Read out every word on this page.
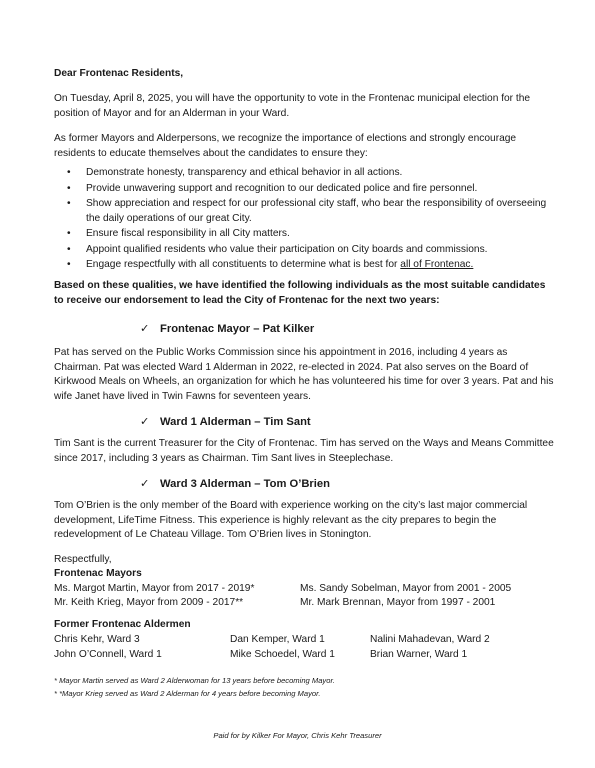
Dear Frontenac Residents,

On Tuesday, April 8, 2025, you will have the opportunity to vote in the Frontenac municipal election for the position of Mayor and for an Alderman in your Ward.

As former Mayors and Alderpersons, we recognize the importance of elections and strongly encourage residents to educate themselves about the candidates to ensure they:

• Demonstrate honesty, transparency and ethical behavior in all actions.
• Provide unwavering support and recognition to our dedicated police and fire personnel.
• Show appreciation and respect for our professional city staff, who bear the responsibility of overseeing the daily operations of our great City.
• Ensure fiscal responsibility in all City matters.
• Appoint qualified residents who value their participation on City boards and commissions.
• Engage respectfully with all constituents to determine what is best for all of Frontenac.

Based on these qualities, we have identified the following individuals as the most suitable candidates to receive our endorsement to lead the City of Frontenac for the next two years:

✓ Frontenac Mayor – Pat Kilker

Pat has served on the Public Works Commission since his appointment in 2016, including 4 years as Chairman. Pat was elected Ward 1 Alderman in 2022, re-elected in 2024. Pat also serves on the Board of Kirkwood Meals on Wheels, an organization for which he has volunteered his time for over 3 years. Pat and his wife Janet have lived in Twin Fawns for seventeen years.

✓ Ward 1 Alderman – Tim Sant

Tim Sant is the current Treasurer for the City of Frontenac. Tim has served on the Ways and Means Committee since 2017, including 3 years as Chairman. Tim Sant lives in Steeplechase.

✓ Ward 3 Alderman – Tom O’Brien

Tom O’Brien is the only member of the Board with experience working on the city’s last major commercial development, LifeTime Fitness. This experience is highly relevant as the city prepares to begin the redevelopment of Le Chateau Village. Tom O’Brien lives in Stonington.

Respectfully,

Frontenac Mayors

Ms. Margot Martin, Mayor from 2017 - 2019*	Ms. Sandy Sobelman, Mayor from 2001 - 2005
Mr. Keith Krieg, Mayor from 2009 - 2017**	Mr. Mark Brennan, Mayor from 1997 - 2001

Former Frontenac Aldermen

Chris Kehr, Ward 3	Dan Kemper, Ward 1	Nalini Mahadevan, Ward 2
John O’Connell, Ward 1	Mike Schoedel, Ward 1	Brian Warner, Ward 1
* Mayor Martin served as Ward 2 Alderwoman for 13 years before becoming Mayor.
* *Mayor Krieg served as Ward 2 Alderman for 4 years before becoming Mayor.
Paid for by Kilker For Mayor, Chris Kehr Treasurer
